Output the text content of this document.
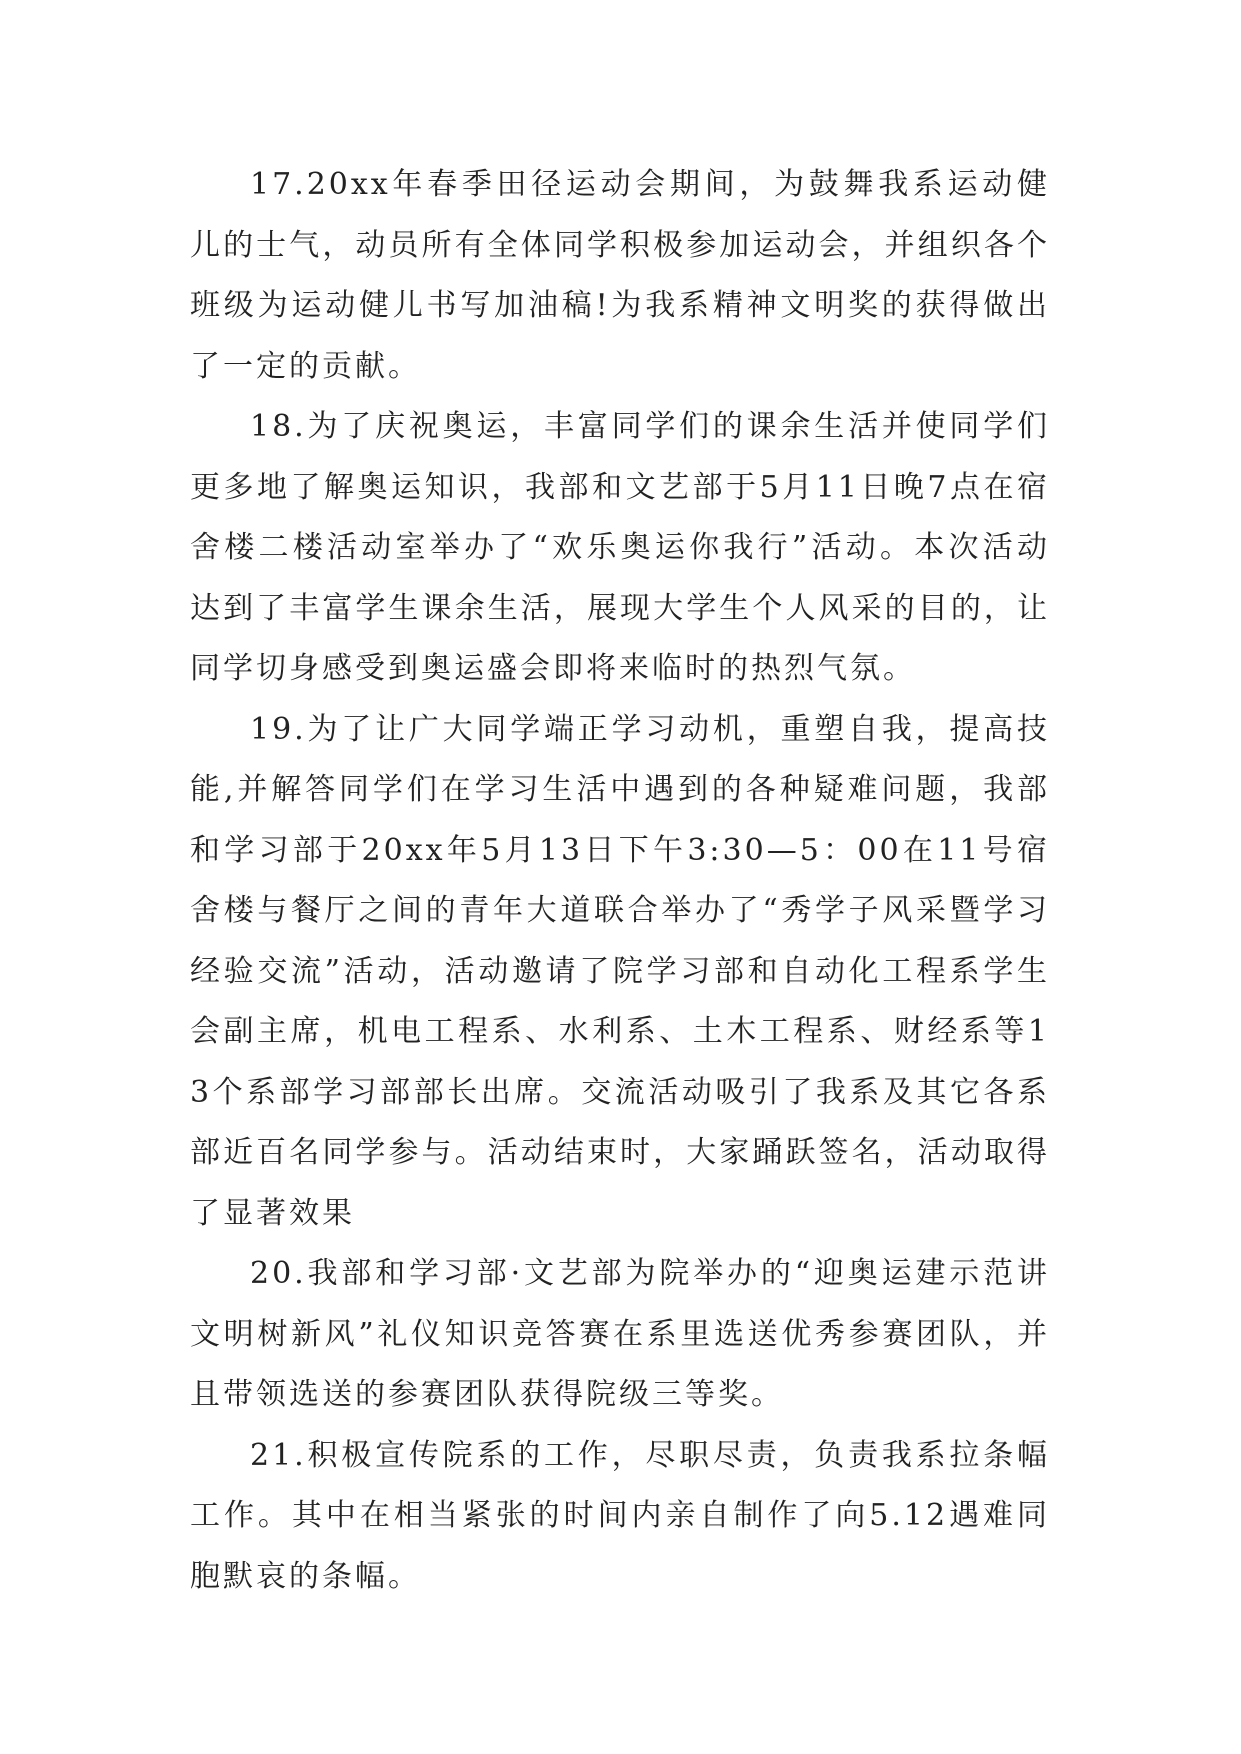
17.20xx年春季田径运动会期间，为鼓舞我系运动健儿的士气，动员所有全体同学积极参加运动会，并组织各个班级为运动健儿书写加油稿!为我系精神文明奖的获得做出了一定的贡献。

18.为了庆祝奥运，丰富同学们的课余生活并使同学们更多地了解奥运知识，我部和文艺部于5月11日晚7点在宿舍楼二楼活动室举办了“欢乐奥运你我行”活动。本次活动达到了丰富学生课余生活，展现大学生个人风采的目的，让同学切身感受到奥运盛会即将来临时的热烈气氛。

19.为了让广大同学端正学习动机，重塑自我，提高技能,并解答同学们在学习生活中遇到的各种疑难问题，我部和学习部于20xx年5月13日下午3:30—5：00在11号宿舍楼与餐厅之间的青年大道联合举办了“秀学子风采暨学习经验交流”活动，活动邀请了院学习部和自动化工程系学生会副主席，机电工程系、水利系、土木工程系、财经系等13个系部学习部部长出席。交流活动吸引了我系及其它各系部近百名同学参与。活动结束时，大家踊跃签名，活动取得了显著效果

20.我部和学习部·文艺部为院举办的“迎奥运建示范讲文明树新风”礼仪知识竞答赛在系里选送优秀参赛团队，并且带领选送的参赛团队获得院级三等奖。

21.积极宣传院系的工作，尽职尽责，负责我系拉条幅工作。其中在相当紧张的时间内亲自制作了向5.12遇难同胞默哀的条幅。
